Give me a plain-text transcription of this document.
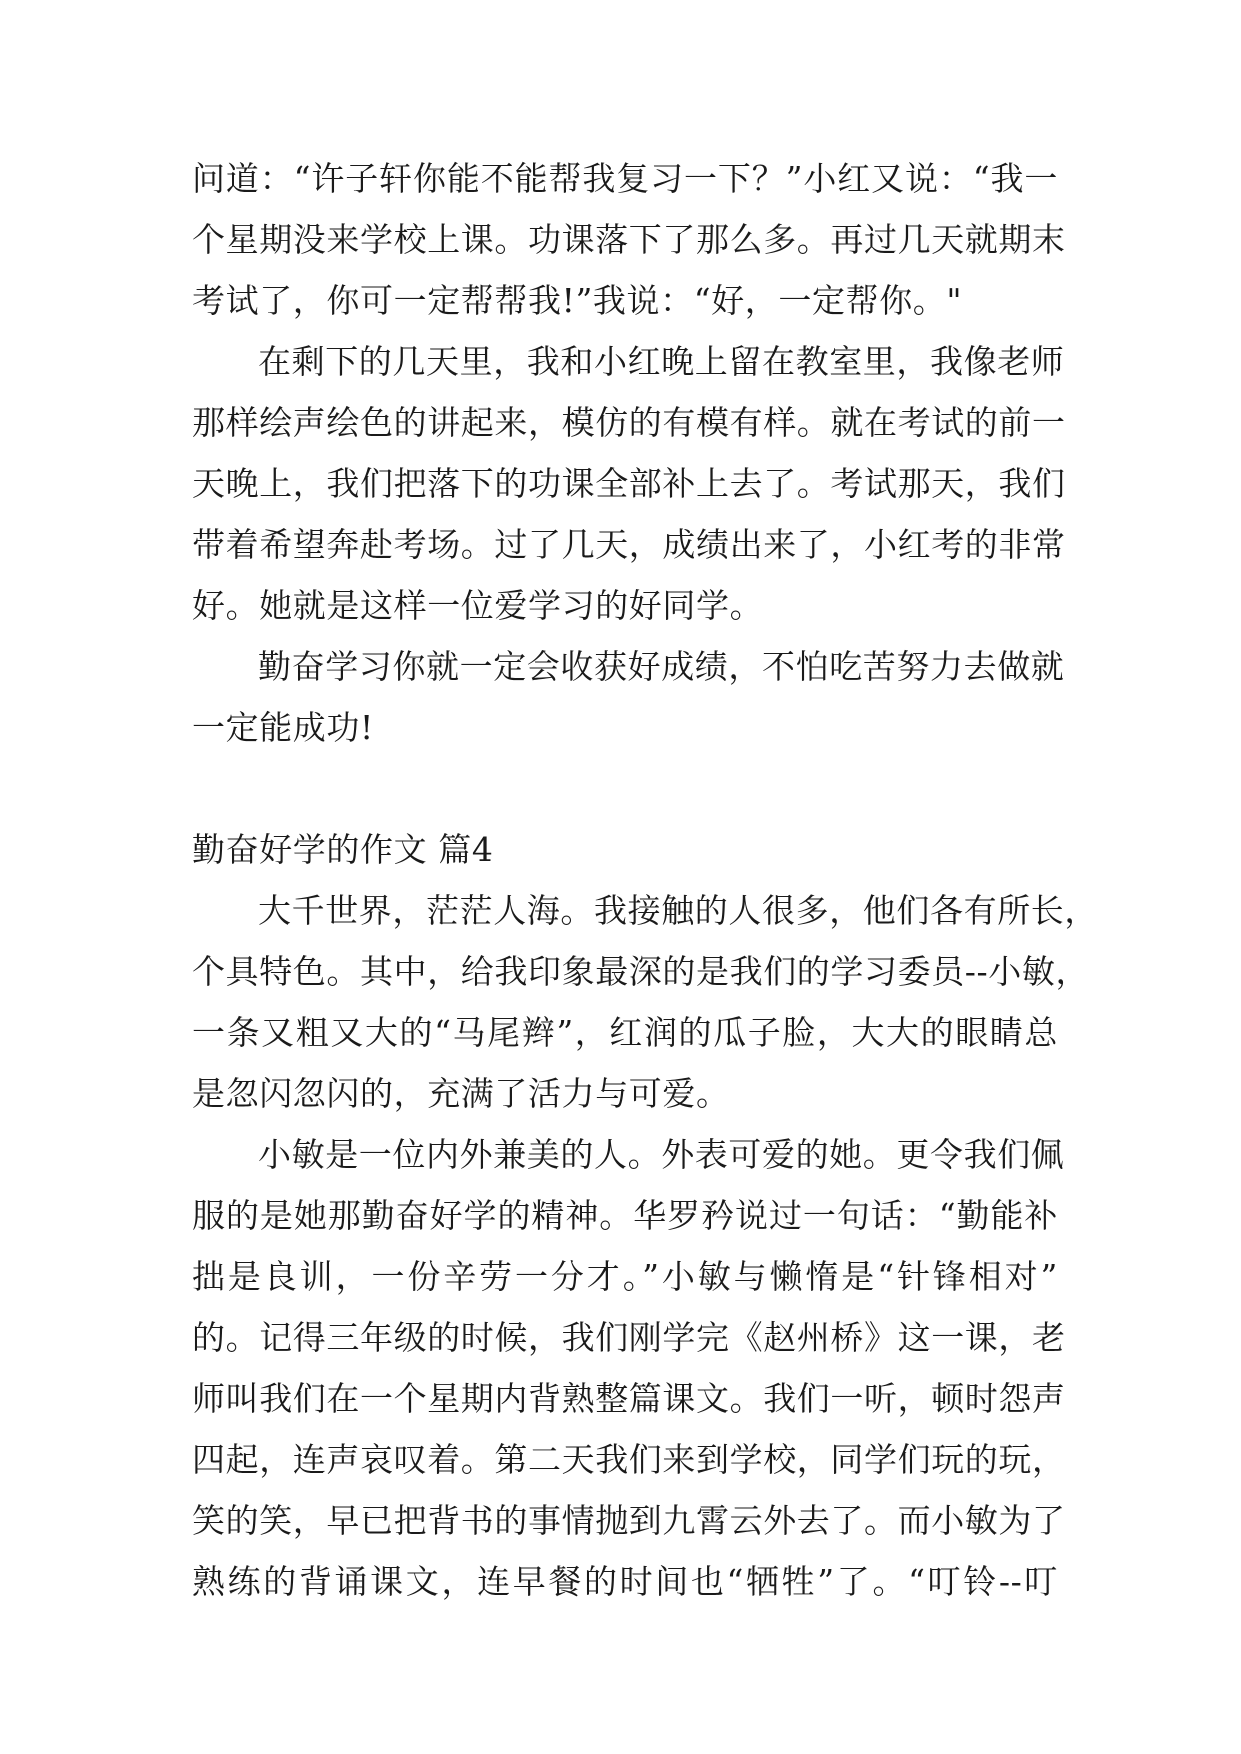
问道：“许子轩你能不能帮我复习一下？”小红又说：“我一
个星期没来学校上课。功课落下了那么多。再过几天就期末
考试了，你可一定帮帮我!”我说：“好，一定帮你。"
在剩下的几天里，我和小红晚上留在教室里，我像老师
那样绘声绘色的讲起来，模仿的有模有样。就在考试的前一
天晚上，我们把落下的功课全部补上去了。考试那天，我们
带着希望奔赴考场。过了几天，成绩出来了，小红考的非常
好。她就是这样一位爱学习的好同学。
勤奋学习你就一定会收获好成绩，不怕吃苦努力去做就
一定能成功!
勤奋好学的作文 篇4
大千世界，茫茫人海。我接触的人很多，他们各有所长，
个具特色。其中，给我印象最深的是我们的学习委员--小敏，
一条又粗又大的“马尾辫”，红润的瓜子脸，大大的眼睛总
是忽闪忽闪的，充满了活力与可爱。
小敏是一位内外兼美的人。外表可爱的她。更令我们佩
服的是她那勤奋好学的精神。华罗矜说过一句话：“勤能补
拙是良训，一份辛劳一分才。”小敏与懒惰是“针锋相对”
的。记得三年级的时候，我们刚学完《赵州桥》这一课，老
师叫我们在一个星期内背熟整篇课文。我们一听，顿时怨声
四起，连声哀叹着。第二天我们来到学校，同学们玩的玩，
笑的笑，早已把背书的事情抛到九霄云外去了。而小敏为了
熟练的背诵课文，连早餐的时间也“牺牲”了。“叮铃--叮
